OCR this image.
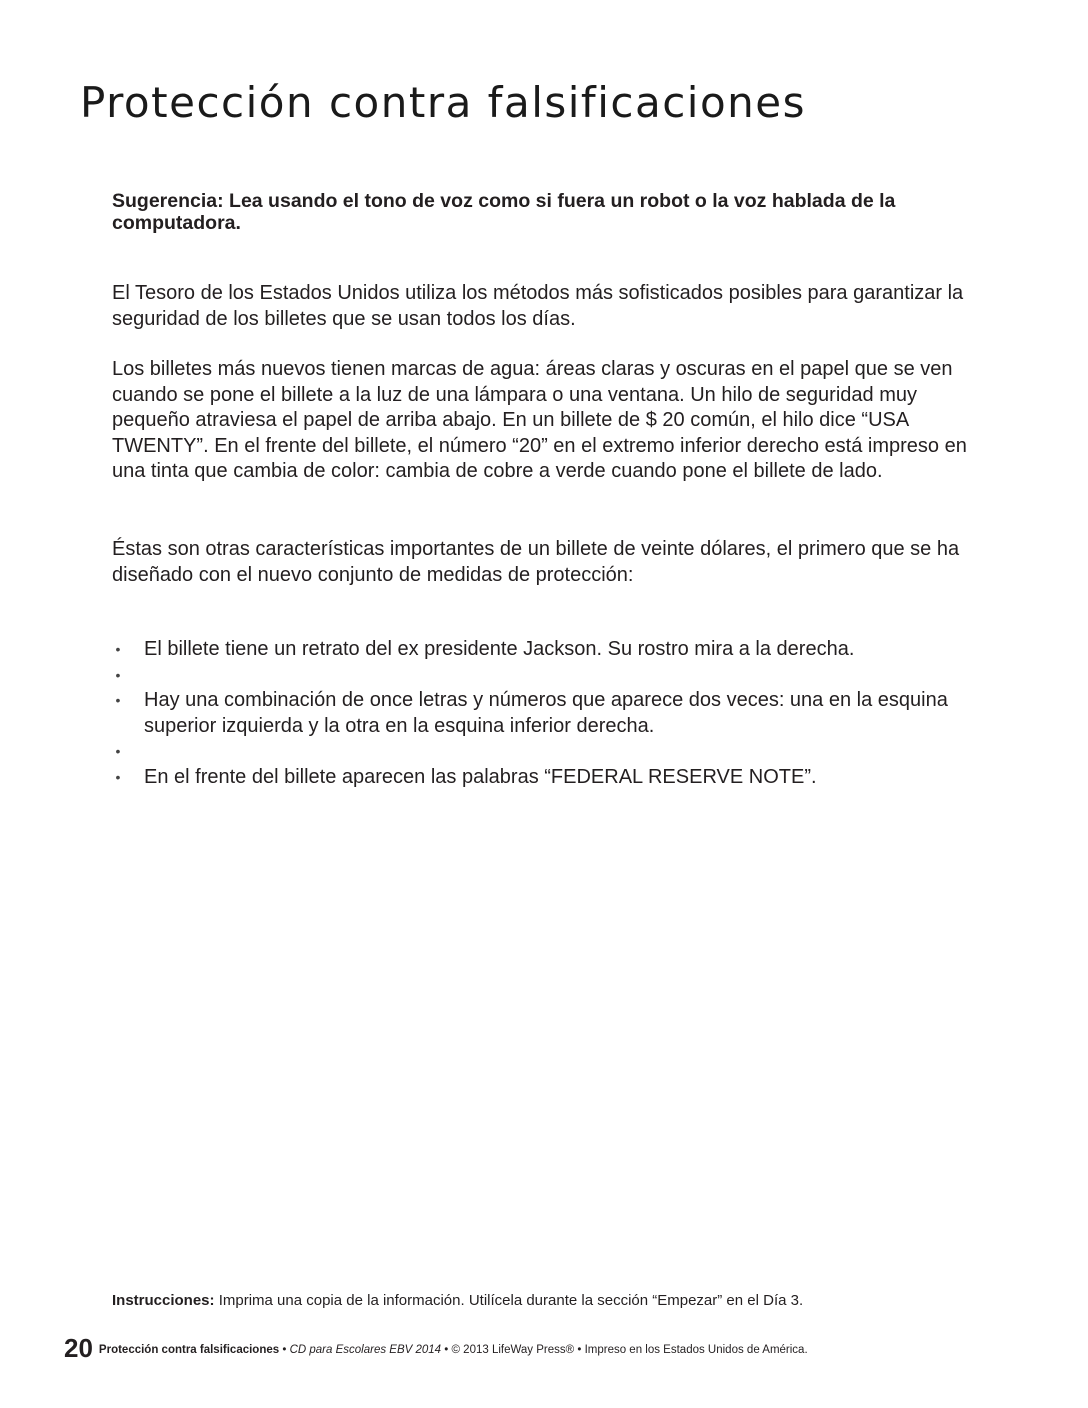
Protección contra falsificaciones

Sugerencia: Lea usando el tono de voz como si fuera un robot o la voz hablada de la computadora.

El Tesoro de los Estados Unidos utiliza los métodos más sofisticados posibles para garantizar la seguridad de los billetes que se usan todos los días.

Los billetes más nuevos tienen marcas de agua: áreas claras y oscuras en el papel que se ven cuando se pone el billete a la luz de una lámpara o una ventana. Un hilo de seguridad muy pequeño atraviesa el papel de arriba abajo. En un billete de $ 20 común, el hilo dice “USA TWENTY”. En el frente del billete, el número “20” en el extremo inferior derecho está impreso en una tinta que cambia de color: cambia de cobre a verde cuando pone el billete de lado.

Éstas son otras características importantes de un billete de veinte dólares, el primero que se ha diseñado con el nuevo conjunto de medidas de protección:

• El billete tiene un retrato del ex presidente Jackson. Su rostro mira a la derecha.
•
• Hay una combinación de once letras y números que aparece dos veces: una en la esquina superior izquierda y la otra en la esquina inferior derecha.
•
• En el frente del billete aparecen las palabras “FEDERAL RESERVE NOTE”.

Instrucciones: Imprima una copia de la información. Utilícela durante la sección “Empezar” en el Día 3.

20 Protección contra falsificaciones • CD para Escolares EBV 2014 • © 2013 LifeWay Press® • Impreso en los Estados Unidos de América.
